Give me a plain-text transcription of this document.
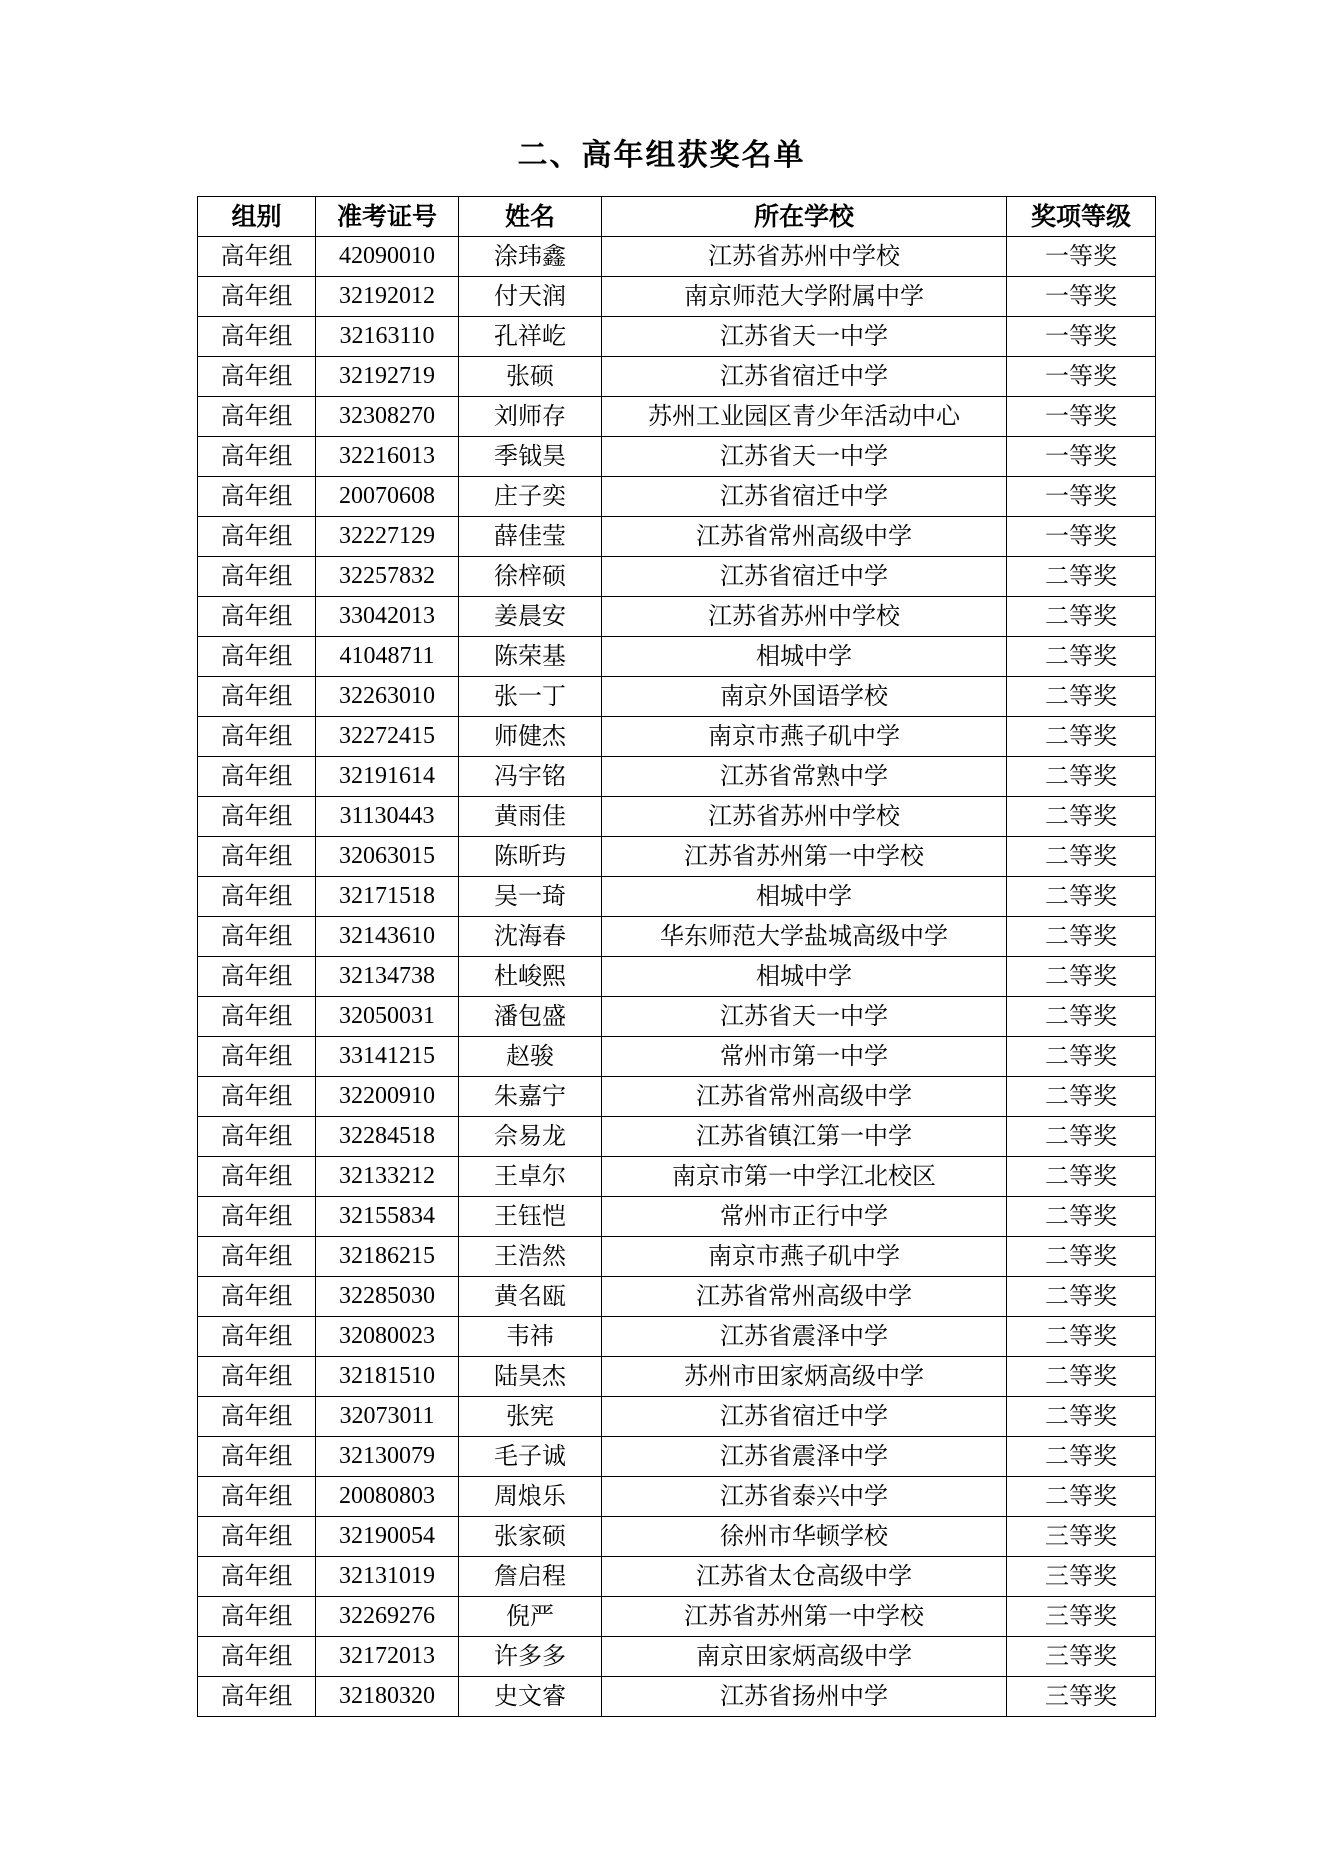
二、高年组获奖名单
组别	准考证号	姓名	所在学校	奖项等级
高年组	42090010	涂玮鑫	江苏省苏州中学校	一等奖
高年组	32192012	付天润	南京师范大学附属中学	一等奖
高年组	32163110	孔祥屹	江苏省天一中学	一等奖
高年组	32192719	张硕	江苏省宿迁中学	一等奖
高年组	32308270	刘师存	苏州工业园区青少年活动中心	一等奖
高年组	32216013	季钺昊	江苏省天一中学	一等奖
高年组	20070608	庄子奕	江苏省宿迁中学	一等奖
高年组	32227129	薛佳莹	江苏省常州高级中学	一等奖
高年组	32257832	徐梓硕	江苏省宿迁中学	二等奖
高年组	33042013	姜晨安	江苏省苏州中学校	二等奖
高年组	41048711	陈荣基	相城中学	二等奖
高年组	32263010	张一丁	南京外国语学校	二等奖
高年组	32272415	师健杰	南京市燕子矶中学	二等奖
高年组	32191614	冯宇铭	江苏省常熟中学	二等奖
高年组	31130443	黄雨佳	江苏省苏州中学校	二等奖
高年组	32063015	陈昕玙	江苏省苏州第一中学校	二等奖
高年组	32171518	吴一琦	相城中学	二等奖
高年组	32143610	沈海春	华东师范大学盐城高级中学	二等奖
高年组	32134738	杜峻熙	相城中学	二等奖
高年组	32050031	潘包盛	江苏省天一中学	二等奖
高年组	33141215	赵骏	常州市第一中学	二等奖
高年组	32200910	朱嘉宁	江苏省常州高级中学	二等奖
高年组	32284518	佘易龙	江苏省镇江第一中学	二等奖
高年组	32133212	王卓尔	南京市第一中学江北校区	二等奖
高年组	32155834	王钰恺	常州市正行中学	二等奖
高年组	32186215	王浩然	南京市燕子矶中学	二等奖
高年组	32285030	黄名瓯	江苏省常州高级中学	二等奖
高年组	32080023	韦祎	江苏省震泽中学	二等奖
高年组	32181510	陆昊杰	苏州市田家炳高级中学	二等奖
高年组	32073011	张宪	江苏省宿迁中学	二等奖
高年组	32130079	毛子诚	江苏省震泽中学	二等奖
高年组	20080803	周烺乐	江苏省泰兴中学	二等奖
高年组	32190054	张家硕	徐州市华顿学校	三等奖
高年组	32131019	詹启程	江苏省太仓高级中学	三等奖
高年组	32269276	倪严	江苏省苏州第一中学校	三等奖
高年组	32172013	许多多	南京田家炳高级中学	三等奖
高年组	32180320	史文睿	江苏省扬州中学	三等奖
